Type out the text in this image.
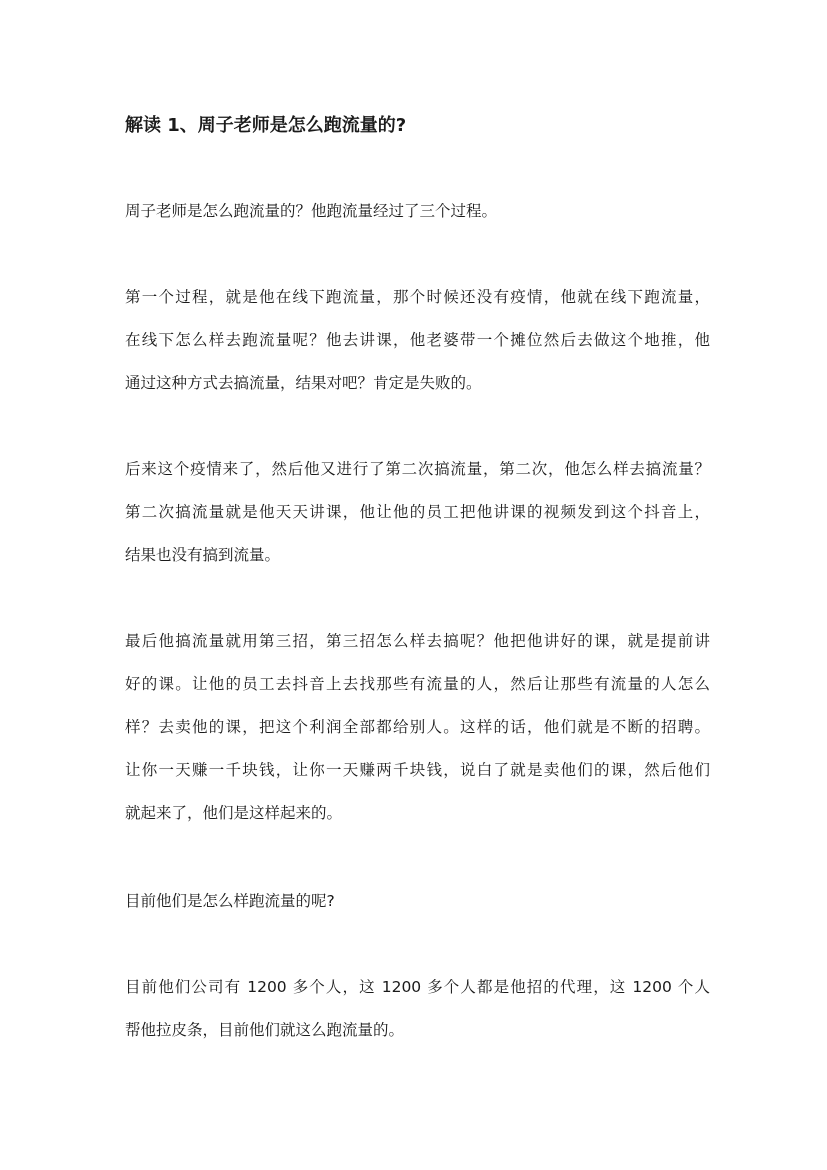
解读 1、周子老师是怎么跑流量的?

周子老师是怎么跑流量的？他跑流量经过了三个过程。

第一个过程，就是他在线下跑流量，那个时候还没有疫情，他就在线下跑流量，
在线下怎么样去跑流量呢？他去讲课，他老婆带一个摊位然后去做这个地推，他
通过这种方式去搞流量，结果对吧？肯定是失败的。

后来这个疫情来了，然后他又进行了第二次搞流量，第二次，他怎么样去搞流量？
第二次搞流量就是他天天讲课，他让他的员工把他讲课的视频发到这个抖音上，
结果也没有搞到流量。

最后他搞流量就用第三招，第三招怎么样去搞呢？他把他讲好的课，就是提前讲
好的课。让他的员工去抖音上去找那些有流量的人，然后让那些有流量的人怎么
样？去卖他的课，把这个利润全部都给别人。这样的话，他们就是不断的招聘。
让你一天赚一千块钱，让你一天赚两千块钱，说白了就是卖他们的课，然后他们
就起来了，他们是这样起来的。

目前他们是怎么样跑流量的呢?

目前他们公司有 1200 多个人，这 1200 多个人都是他招的代理，这 1200 个人
帮他拉皮条，目前他们就这么跑流量的。
